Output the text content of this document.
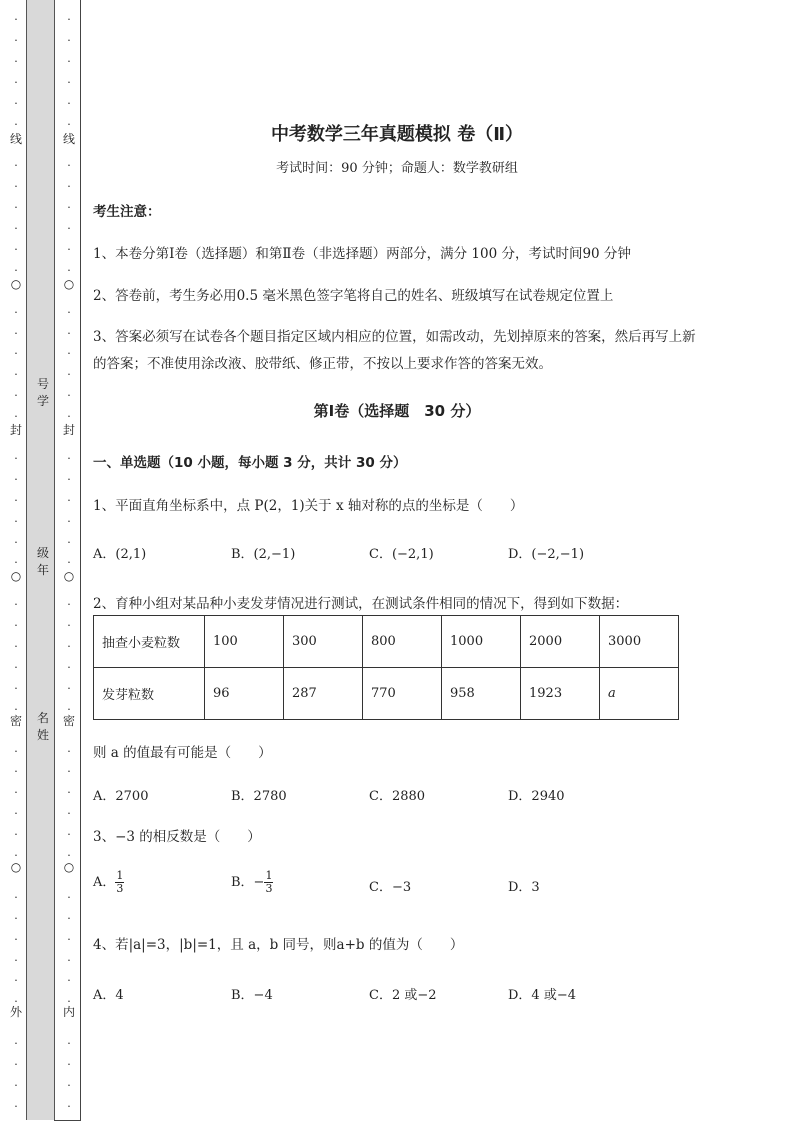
·
·
·
·
·
·
·
·
·
·
·
·
·
·
·
·
·
·
·
·
·
·
·
·
·
·
·
·
·
·
·
·
·
·
·
·
·
·
·
·
·
·
·
·
·
·
线
○
封
○
密
○
外
·
·
·
·
·
·
·
·
·
·
·
·
·
·
·
·
·
·
·
·
·
·
·
·
·
·
·
·
·
·
·
·
·
·
·
·
·
·
·
·
·
·
·
·
·
·
线
○
封
○
密
○
内
号学
级年
名姓
中考数学三年真题模拟 卷（Ⅱ）
考试时间：90 分钟；命题人：数学教研组
考生注意：
1、本卷分第Ⅰ卷（选择题）和第Ⅱ卷（非选择题）两部分，满分 100 分，考试时间90 分钟
2、答卷前，考生务必用0.5 毫米黑色签字笔将自己的姓名、班级填写在试卷规定位置上
3、答案必须写在试卷各个题目指定区域内相应的位置，如需改动，先划掉原来的答案，然后再写上新
的答案；不准使用涂改液、胶带纸、修正带，不按以上要求作答的答案无效。
第Ⅰ卷（选择题　30 分）
一、单选题（10 小题，每小题 3 分，共计 30 分）
1、平面直角坐标系中，点 P(2，1)关于 x 轴对称的点的坐标是（　　）
A．(2,1)	B．(2,−1)	C．(−2,1)	D．(−2,−1)
2、育种小组对某品种小麦发芽情况进行测试，在测试条件相同的情况下，得到如下数据：
抽查小麦粒数	100	300	800	1000	2000	3000
发芽粒数	96	287	770	958	1923	a
则 a 的值最有可能是（　　）
A．2700	B．2780	C．2880	D．2940
3、−3 的相反数是（　　）
A． $\frac{1}{3}$	B．− $\frac{1}{3}$	C．−3	D．3
4、若|a|=3，|b|=1，且 a，b 同号，则a+b 的值为（　　）
A．4	B．−4	C．2 或−2	D．4 或−4
